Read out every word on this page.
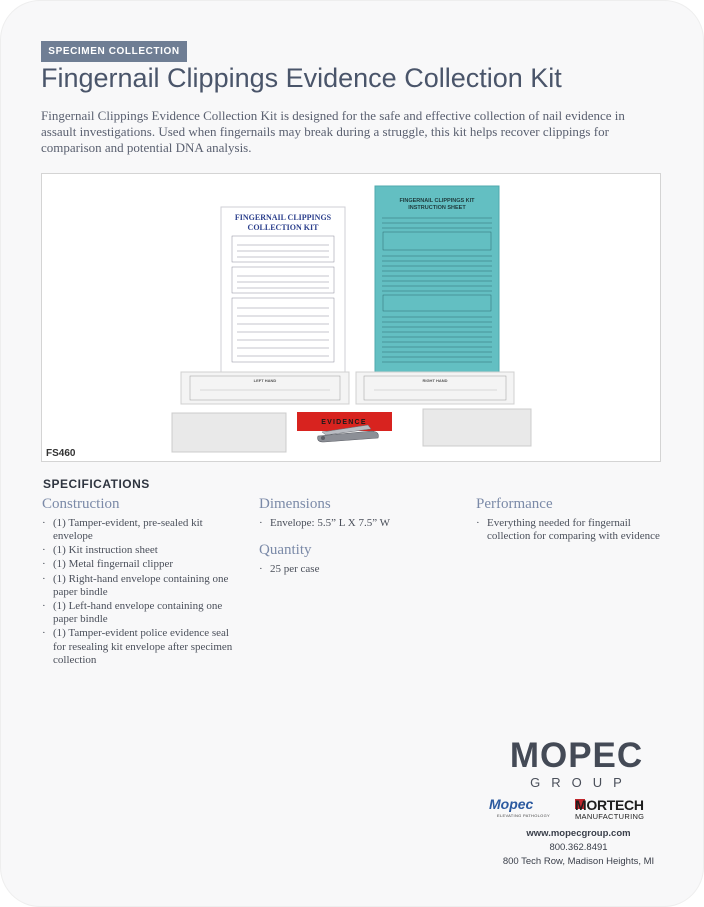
SPECIMEN COLLECTION
Fingernail Clippings Evidence Collection Kit

Fingernail Clippings Evidence Collection Kit is designed for the safe and effective collection of nail evidence in assault investigations. Used when fingernails may break during a struggle, this kit helps recover clippings for comparison and potential DNA analysis.

FINGERNAIL CLIPPINGS
COLLECTION KIT
FINGERNAIL CLIPPINGS KIT
INSTRUCTION SHEET
LEFT HAND	RIGHT HAND
EVIDENCE
FS460
SPECIFICATIONS
Construction
· (1) Tamper-evident, pre-sealed kit envelope
· (1) Kit instruction sheet
· (1) Metal fingernail clipper
· (1) Right-hand envelope containing one paper bindle
· (1) Left-hand envelope containing one paper bindle
· (1) Tamper-evident police evidence seal for resealing kit envelope after specimen collection
Dimensions
· Envelope: 5.5” L X 7.5” W
Quantity
· 25 per case
Performance
· Everything needed for fingernail collection for comparing with evidence
MOPEC
GROUP
Mopec
ELEVATING PATHOLOGY
MORTECH
MANUFACTURING
www.mopecgroup.com
800.362.8491
800 Tech Row, Madison Heights, MI
